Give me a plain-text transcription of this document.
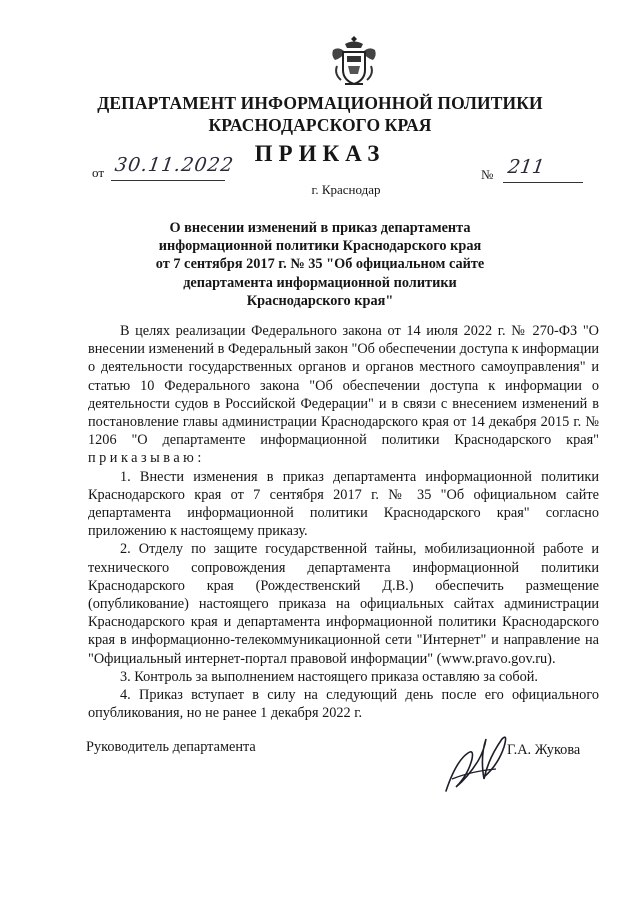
ДЕПАРТАМЕНТ ИНФОРМАЦИОННОЙ ПОЛИТИКИ
КРАСНОДАРСКОГО КРАЯ
ПРИКАЗ
от 30.11.2022	№ 211
г. Краснодар
О внесении изменений в приказ департамента
информационной политики Краснодарского края
от 7 сентября 2017 г. № 35 "Об официальном сайте
департамента информационной политики
Краснодарского края"

В целях реализации Федерального закона от 14 июля 2022 г. № 270-ФЗ "О внесении изменений в Федеральный закон "Об обеспечении доступа к информации о деятельности государственных органов и органов местного самоуправления" и статью 10 Федерального закона "Об обеспечении доступа к информации о деятельности судов в Российской Федерации" и в связи с внесением изменений в постановление главы администрации Краснодарского края от 14 декабря 2015 г. № 1206 "О департаменте информационной политики Краснодарского края" приказываю:

1. Внести изменения в приказ департамента информационной политики Краснодарского края от 7 сентября 2017 г. № 35 "Об официальном сайте департамента информационной политики Краснодарского края" согласно приложению к настоящему приказу.

2. Отделу по защите государственной тайны, мобилизационной работе и технического сопровождения департамента информационной политики Краснодарского края (Рождественский Д.В.) обеспечить размещение (опубликование) настоящего приказа на официальных сайтах администрации Краснодарского края и департамента информационной политики Краснодарского края в информационно-телекоммуникационной сети "Интернет" и направление на "Официальный интернет-портал правовой информации" (www.pravo.gov.ru).

3. Контроль за выполнением настоящего приказа оставляю за собой.

4. Приказ вступает в силу на следующий день после его официального опубликования, но не ранее 1 декабря 2022 г.

Руководитель департамента	Г.А. Жукова
